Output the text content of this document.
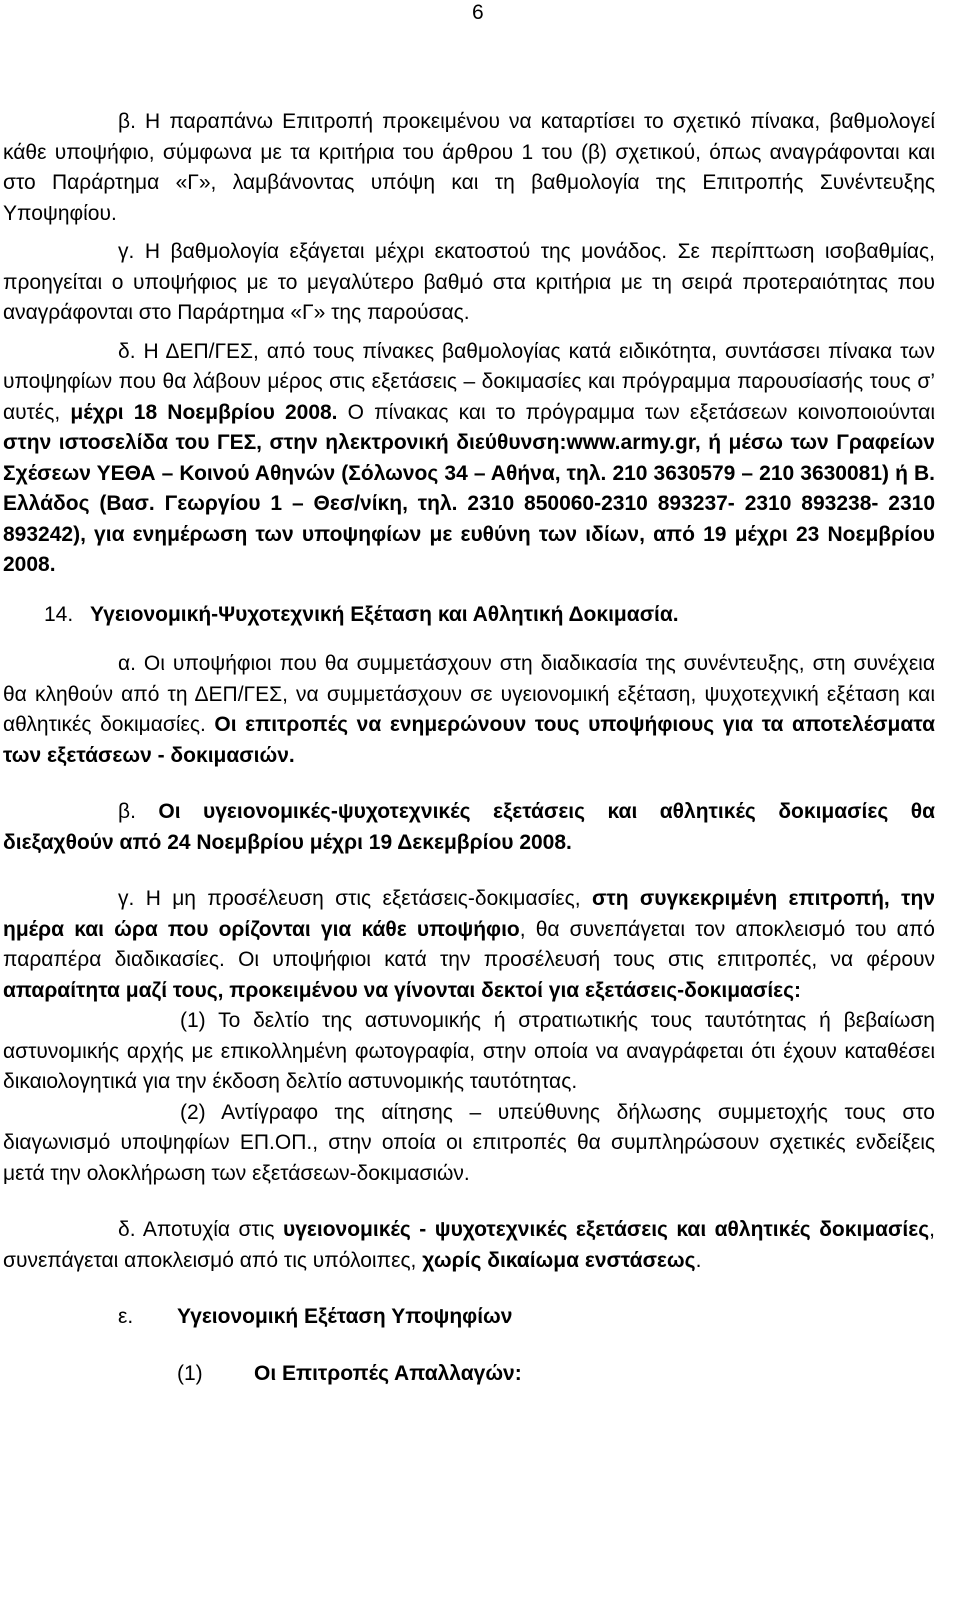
6

β. Η παραπάνω Επιτροπή προκειμένου να καταρτίσει το σχετικό πίνακα, βαθμολογεί κάθε υποψήφιο, σύμφωνα με τα κριτήρια του άρθρου 1 του (β) σχετικού, όπως αναγράφονται και στο Παράρτημα «Γ», λαμβάνοντας υπόψη και τη βαθμολογία της Επιτροπής Συνέντευξης Υποψηφίου.

γ. Η βαθμολογία εξάγεται μέχρι εκατοστού της μονάδος. Σε περίπτωση ισοβαθμίας, προηγείται ο υποψήφιος με το μεγαλύτερο βαθμό στα κριτήρια με τη σειρά προτεραιότητας που αναγράφονται στο Παράρτημα «Γ» της παρούσας.

δ. Η ΔΕΠ/ΓΕΣ, από τους πίνακες βαθμολογίας κατά ειδικότητα, συντάσσει πίνακα των υποψηφίων που θα λάβουν μέρος στις εξετάσεις – δοκιμασίες και πρόγραμμα παρουσίασής τους σ’ αυτές, μέχρι 18 Νοεμβρίου 2008. Ο πίνακας και το πρόγραμμα των εξετάσεων κοινοποιούνται στην ιστοσελίδα του ΓΕΣ, στην ηλεκτρονική διεύθυνση:www.army.gr, ή μέσω των Γραφείων Σχέσεων ΥΕΘΑ – Κοινού Αθηνών (Σόλωνος 34 – Αθήνα, τηλ. 210 3630579 – 210 3630081) ή Β. Ελλάδος (Βασ. Γεωργίου 1 – Θεσ/νίκη, τηλ. 2310 850060-2310 893237- 2310 893238- 2310 893242), για ενημέρωση των υποψηφίων με ευθύνη των ιδίων, από 19 μέχρι 23 Νοεμβρίου 2008.

14. Υγειονομική-Ψυχοτεχνική Εξέταση και Αθλητική Δοκιμασία.

α. Οι υποψήφιοι που θα συμμετάσχουν στη διαδικασία της συνέντευξης, στη συνέχεια θα κληθούν από τη ΔΕΠ/ΓΕΣ, να συμμετάσχουν σε υγειονομική εξέταση, ψυχοτεχνική εξέταση και αθλητικές δοκιμασίες. Οι επιτροπές να ενημερώνουν τους υποψήφιους για τα αποτελέσματα των εξετάσεων - δοκιμασιών.

β. Οι υγειονομικές-ψυχοτεχνικές εξετάσεις και αθλητικές δοκιμασίες θα διεξαχθούν από 24 Νοεμβρίου μέχρι 19 Δεκεμβρίου 2008.

γ. Η μη προσέλευση στις εξετάσεις-δοκιμασίες, στη συγκεκριμένη επιτροπή, την ημέρα και ώρα που ορίζονται για κάθε υποψήφιο, θα συνεπάγεται τον αποκλεισμό του από παραπέρα διαδικασίες. Οι υποψήφιοι κατά την προσέλευσή τους στις επιτροπές, να φέρουν απαραίτητα μαζί τους, προκειμένου να γίνονται δεκτοί για εξετάσεις-δοκιμασίες:

(1) Το δελτίο της αστυνομικής ή στρατιωτικής τους ταυτότητας ή βεβαίωση αστυνομικής αρχής με επικολλημένη φωτογραφία, στην οποία να αναγράφεται ότι έχουν καταθέσει δικαιολογητικά για την έκδοση δελτίο αστυνομικής ταυτότητας.

(2) Αντίγραφο της αίτησης – υπεύθυνης δήλωσης συμμετοχής τους στο διαγωνισμό υποψηφίων ΕΠ.ΟΠ., στην οποία οι επιτροπές θα συμπληρώσουν σχετικές ενδείξεις μετά την ολοκλήρωση των εξετάσεων-δοκιμασιών.

δ. Αποτυχία στις υγειονομικές - ψυχοτεχνικές εξετάσεις και αθλητικές δοκιμασίες, συνεπάγεται αποκλεισμό από τις υπόλοιπες, χωρίς δικαίωμα ενστάσεως.

ε. Υγειονομική Εξέταση Υποψηφίων

(1) Οι Επιτροπές Απαλλαγών:
